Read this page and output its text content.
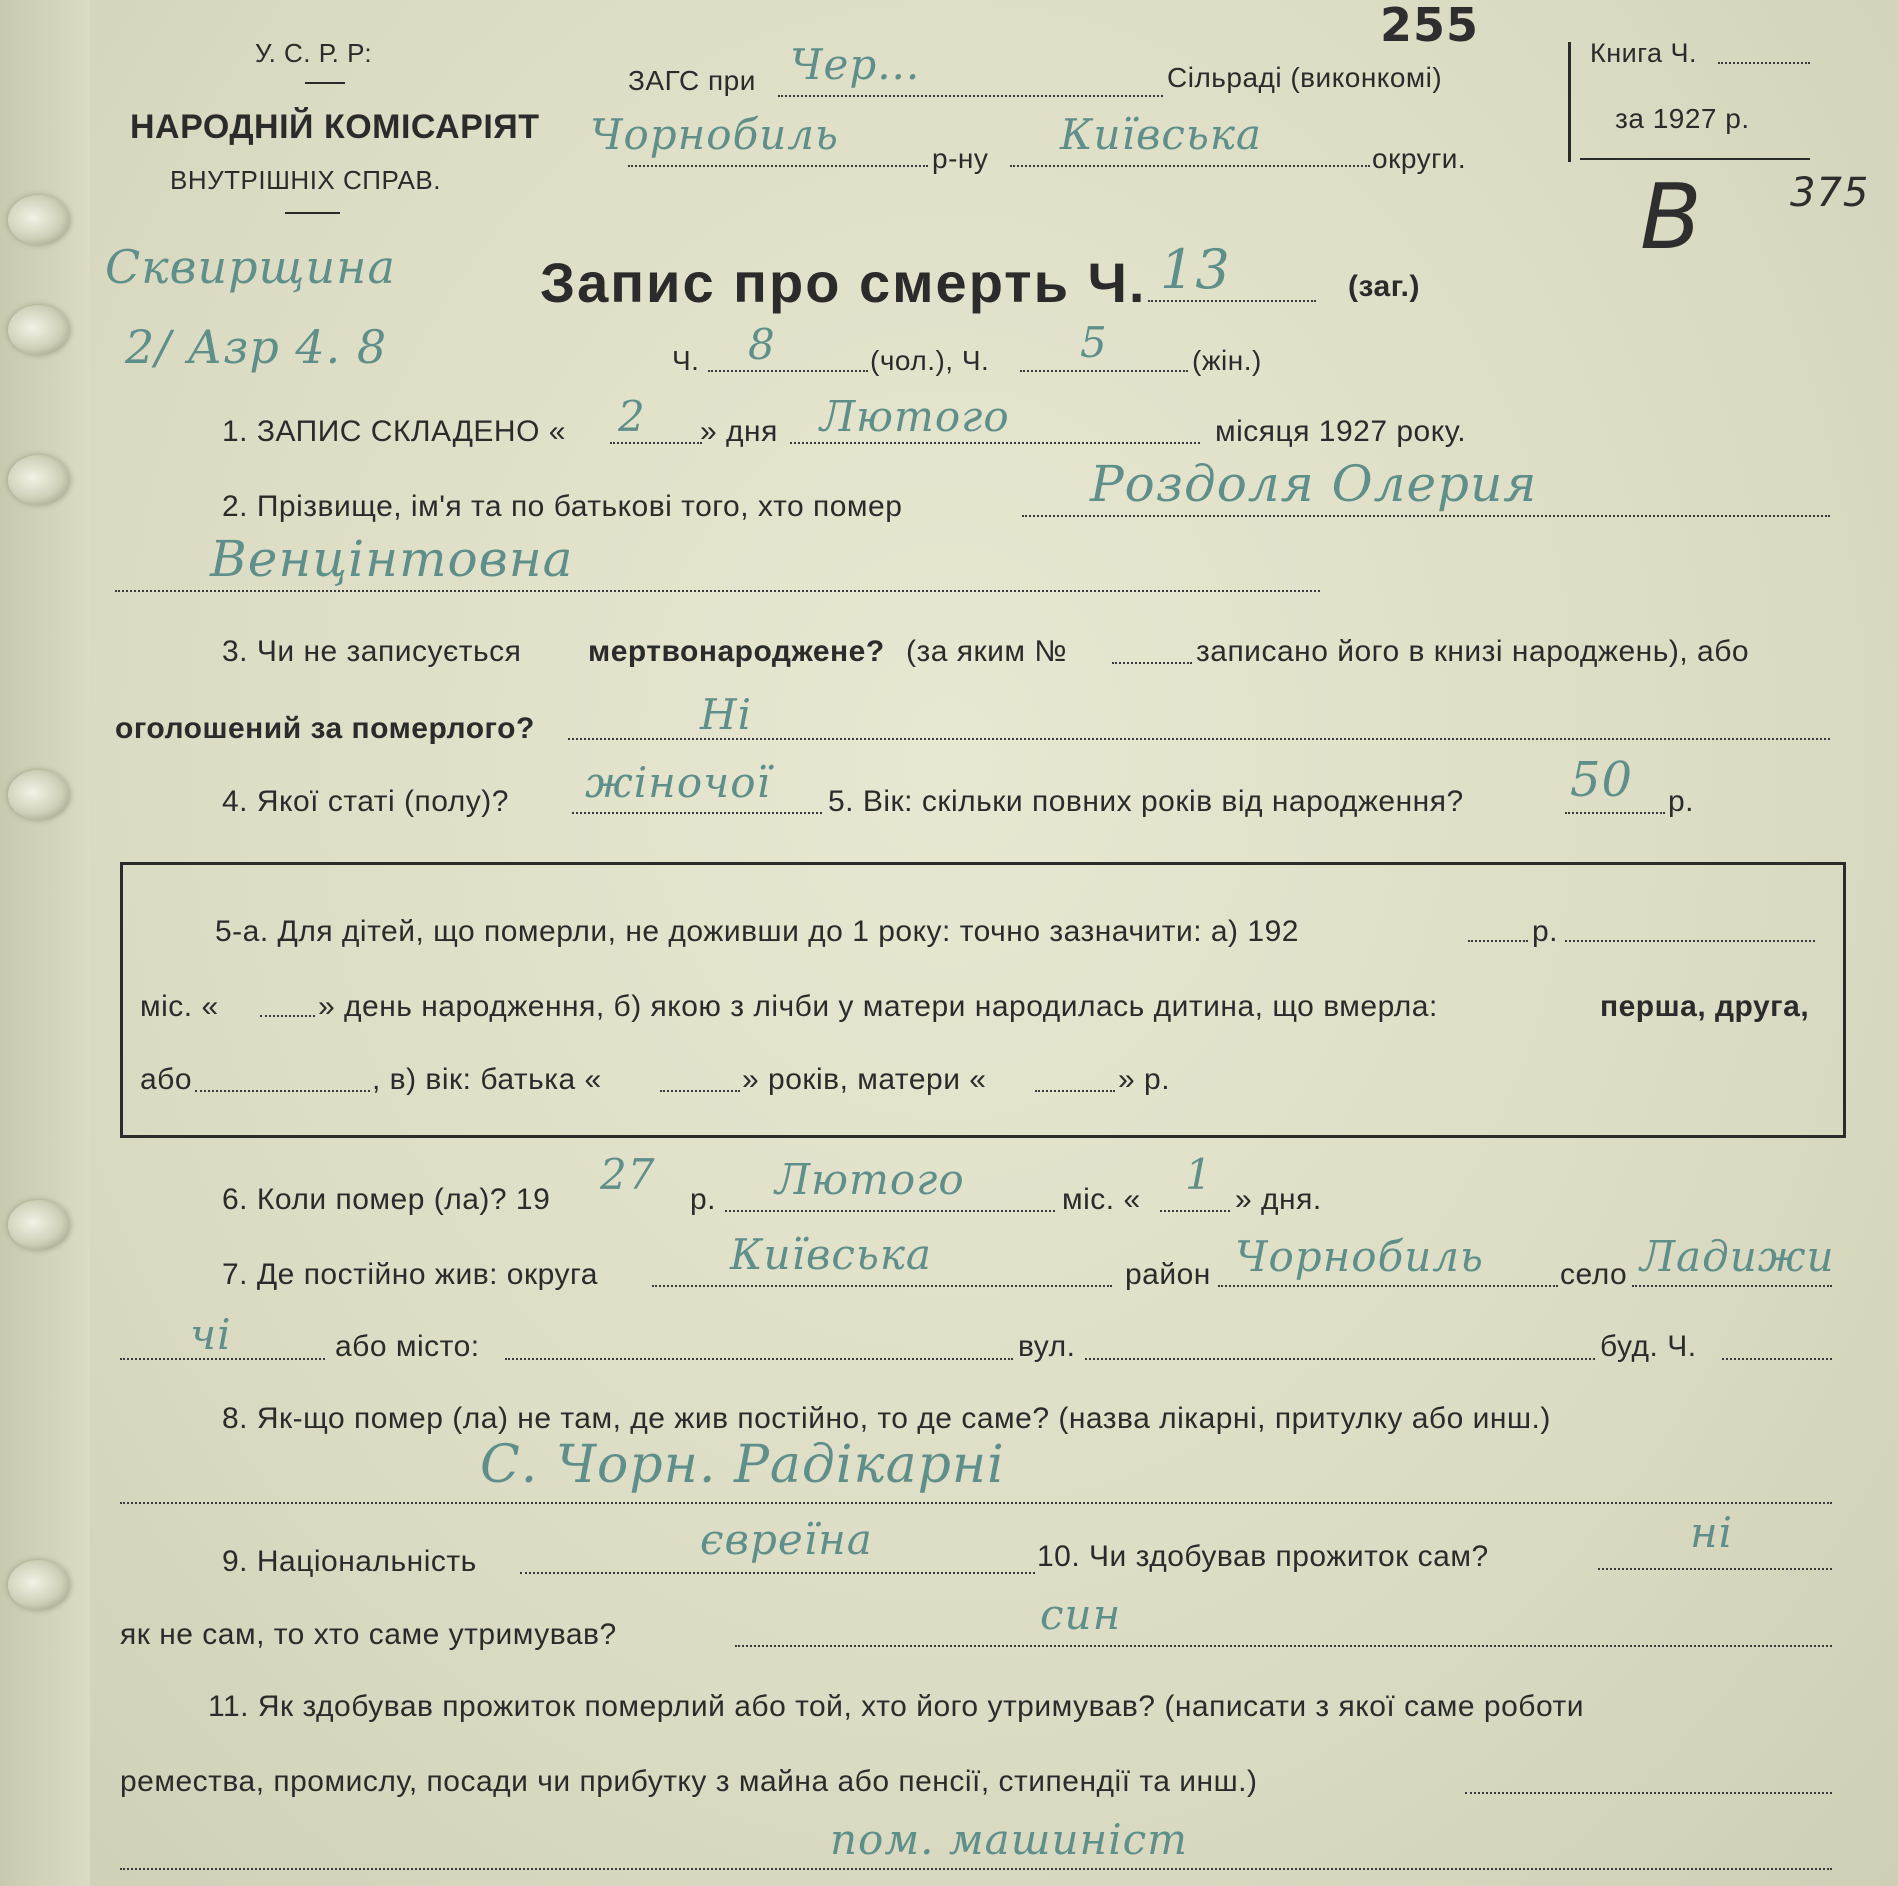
У. С. Р. Р:
НАРОДНІЙ КОМІСАРІЯТ
ВНУТРІШНІХ СПРАВ.
255
ЗАГС при Чер...	Сільраді (виконкомі)
Чорнобиль	р-ну Київська	округи.
Книга Ч.
за 1927 р.
В 375
Сквирщина
2/ Азр 4. 8
Запис про смерть Ч. 13	(заг.)
Ч. 8	(чол.), Ч. 5	(жін.)
1. ЗАПИС СКЛАДЕНО « 2 » дня Лютого	місяця 1927 року.
2. Прізвище, ім'я та по батькові того, хто помер	Роздоля Олерия
Венцінтовна
3. Чи не записується мертвонароджене? (за яким №	записано його в книзі народжень), або
оголошений за померлого?	Ні
4. Якої статі (полу)? жіночої 5. Вік: скільки повних років від народження? 50 р.
5-а. Для дітей, що померли, не доживши до 1 року: точно зазначити: а) 192	р.
міс. «	» день народження, б) якою з лічби у матери народилась дитина, що вмерла:	перша, друга,
або	, в) вік: батька «	» років, матери «	» р.
6. Коли помер (ла)? 19
27
р. Лютого	міс. «
1
» дня.
7. Де постійно жив: округа	Київська	район Чорнобиль	село Ладижи
чі	або місто:	вул.	буд. Ч.
8. Як-що помер (ла) не там, де жив постійно, то де саме? (назва лікарні, притулку або инш.)
С. Чорн. Радікарні
9. Національність	євреїна	10. Чи здобував прожиток сам?	ні
як не сам, то хто саме утримував?	син
11. Як здобував прожиток померлий або той, хто його утримував? (написати з якої саме роботи
ремества, промислу, посади чи прибутку з майна або пенсії, стипендії та инш.)
пом. машиніст
